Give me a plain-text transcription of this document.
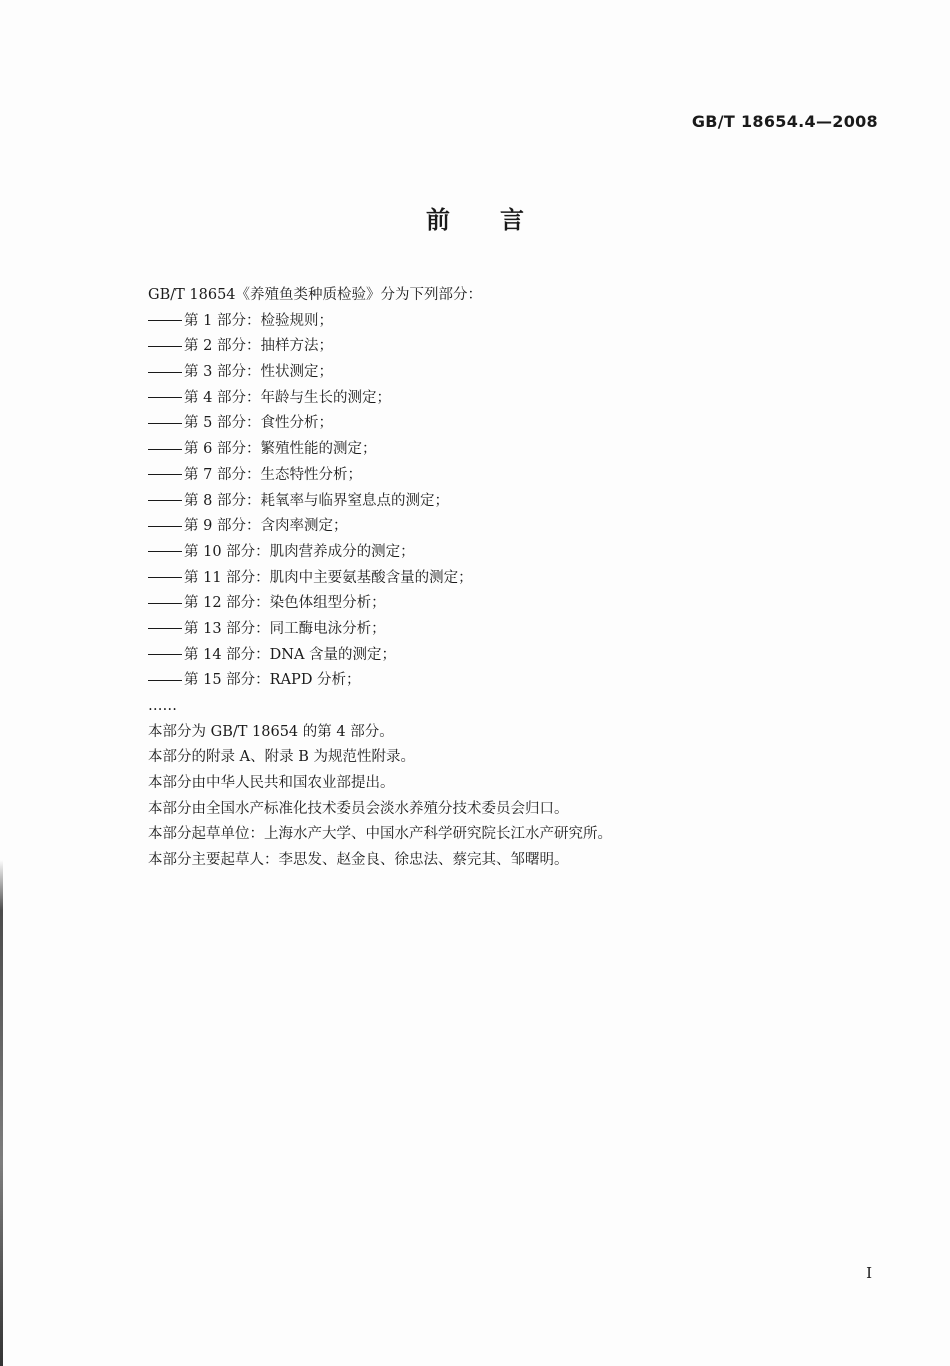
GB/T 18654.4—2008
前言
GB/T 18654《养殖鱼类种质检验》分为下列部分：
第 1 部分：检验规则；
第 2 部分：抽样方法；
第 3 部分：性状测定；
第 4 部分：年龄与生长的测定；
第 5 部分：食性分析；
第 6 部分：繁殖性能的测定；
第 7 部分：生态特性分析；
第 8 部分：耗氧率与临界窒息点的测定；
第 9 部分：含肉率测定；
第 10 部分：肌肉营养成分的测定；
第 11 部分：肌肉中主要氨基酸含量的测定；
第 12 部分：染色体组型分析；
第 13 部分：同工酶电泳分析；
第 14 部分：DNA 含量的测定；
第 15 部分：RAPD 分析；
……
本部分为 GB/T 18654 的第 4 部分。
本部分的附录 A、附录 B 为规范性附录。
本部分由中华人民共和国农业部提出。
本部分由全国水产标准化技术委员会淡水养殖分技术委员会归口。
本部分起草单位：上海水产大学、中国水产科学研究院长江水产研究所。
本部分主要起草人：李思发、赵金良、徐忠法、蔡完其、邹曙明。
I
